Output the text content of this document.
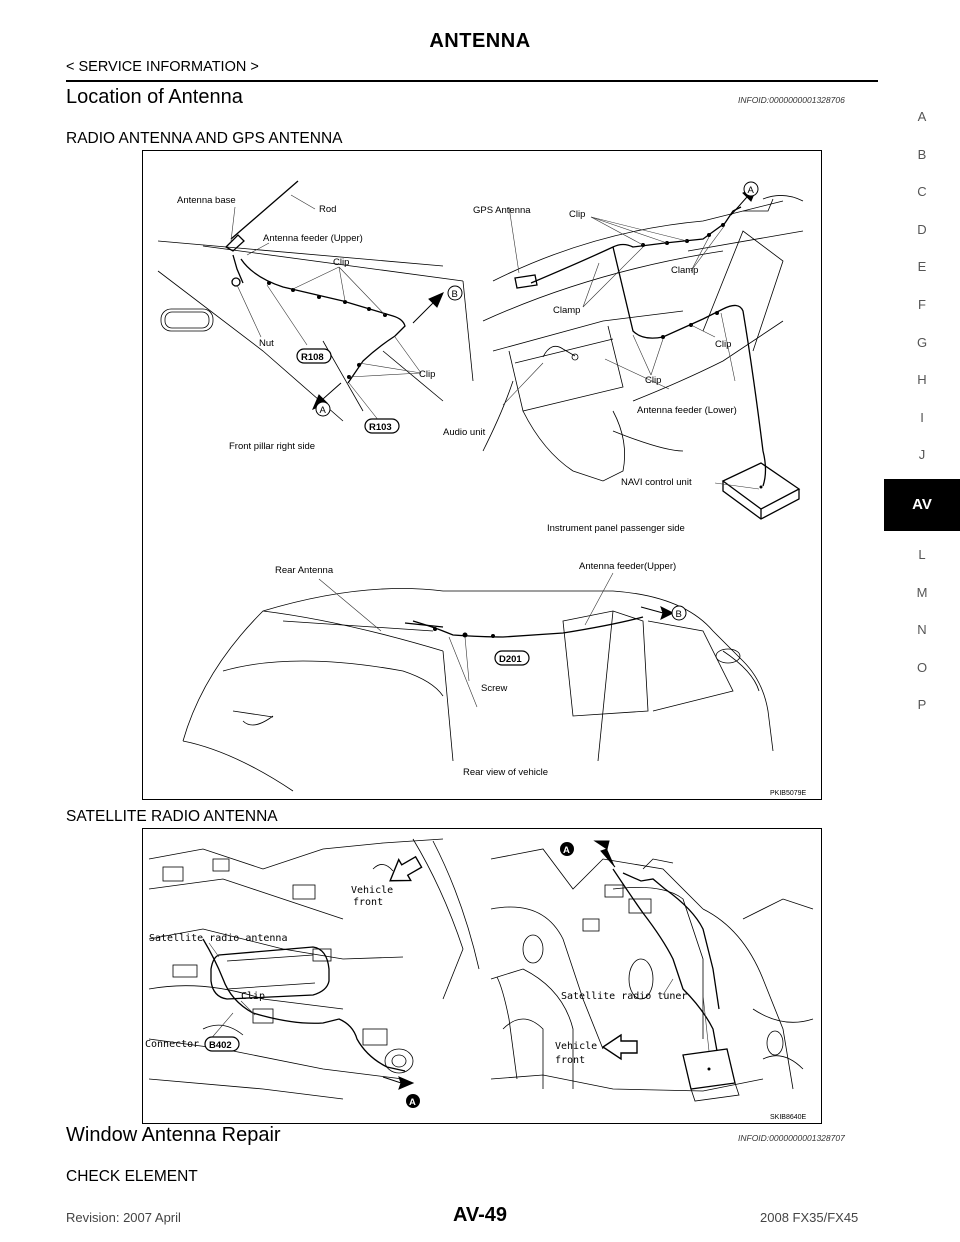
ANTENNA
< SERVICE INFORMATION >
Location of Antenna	INFOID:0000000001328706
RADIO ANTENNA AND GPS ANTENNA
Antenna base
Rod
Antenna feeder (Upper)
Clip
Nut
R108
Clip
A
B
R103
Front pillar right side
GPS Antenna	Clip
A
Clamp
Clamp
Clip
Clip
Antenna feeder (Lower)
Audio unit
NAVI control unit
Instrument panel passenger side
Rear Antenna	Antenna feeder(Upper)
B
D201
Screw
Rear view of vehicle
PKIB5079E
SATELLITE RADIO ANTENNA
Vehicle
front
Satellite radio antenna
Clip
Connector B402
A
A
Satellite radio tuner
Vehicle
front
SKIB8640E
Window Antenna Repair	INFOID:0000000001328707
CHECK ELEMENT
A
B
C
D
E
F
G
H
I
J
AV
L
M
N
O
P
Revision: 2007 April	AV-49	2008 FX35/FX45
